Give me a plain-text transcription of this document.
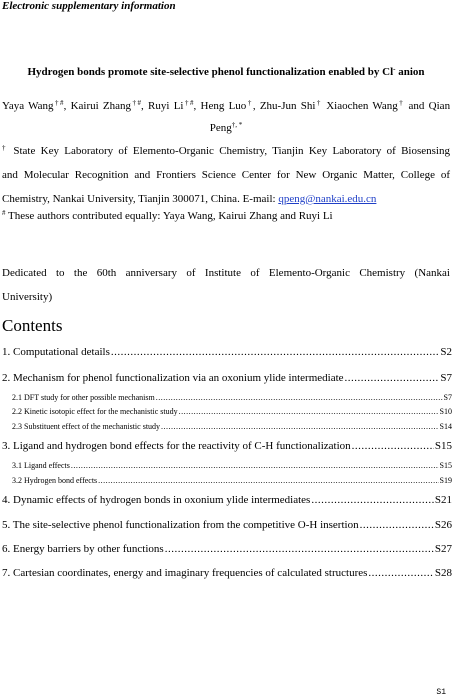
Electronic supplementary information
Hydrogen bonds promote site-selective phenol functionalization enabled by Cl- anion
Yaya Wang†#, Kairui Zhang†#, Ruyi Li†#, Heng Luo†, Zhu-Jun Shi† Xiaochen Wang† and Qian
Peng†, *
† State Key Laboratory of Elemento-Organic Chemistry, Tianjin Key Laboratory of Biosensing
and Molecular Recognition and Frontiers Science Center for New Organic Matter, College of
Chemistry, Nankai University, Tianjin 300071, China. E-mail: qpeng@nankai.edu.cn
# These authors contributed equally: Yaya Wang, Kairui Zhang and Ruyi Li
Dedicated to the 60th anniversary of Institute of Elemento-Organic Chemistry (Nankai
University)
Contents
1. Computational details .....	S2
2. Mechanism for phenol functionalization via an oxonium ylide intermediate .....	S7
2.1 DFT study for other possible mechanism .....	S7
2.2 Kinetic isotopic effect for the mechanistic study .....	S10
2.3 Substituent effect of the mechanistic study .....	S14
3. Ligand and hydrogen bond effects for the reactivity of C-H functionalization .....	S15
3.1 Ligand effects .....	S15
3.2 Hydrogen bond effects .....	S19
4. Dynamic effects of hydrogen bonds in oxonium ylide intermediates .....	S21
5. The site-selective phenol functionalization from the competitive O-H insertion .....	S26
6. Energy barriers by other functions .....	S27
7. Cartesian coordinates, energy and imaginary frequencies of calculated structures .....	S28
S1
